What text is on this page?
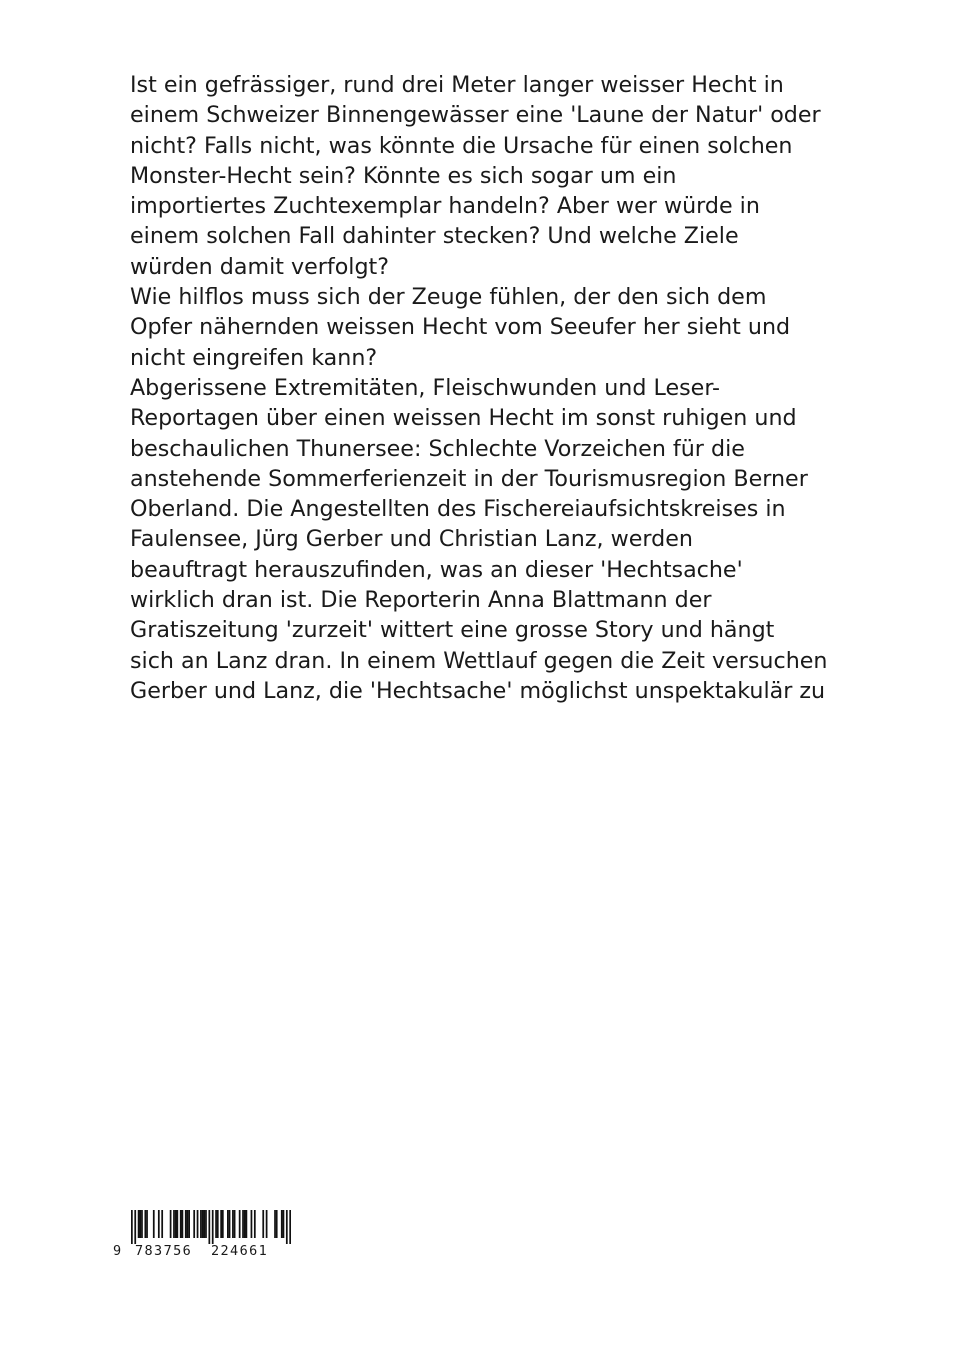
Ist ein gefrässiger, rund drei Meter langer weisser Hecht in
einem Schweizer Binnengewässer eine 'Laune der Natur' oder
nicht? Falls nicht, was könnte die Ursache für einen solchen
Monster-Hecht sein? Könnte es sich sogar um ein
importiertes Zuchtexemplar handeln? Aber wer würde in
einem solchen Fall dahinter stecken? Und welche Ziele
würden damit verfolgt?
Wie hilflos muss sich der Zeuge fühlen, der den sich dem
Opfer nähernden weissen Hecht vom Seeufer her sieht und
nicht eingreifen kann?
Abgerissene Extremitäten, Fleischwunden und Leser-
Reportagen über einen weissen Hecht im sonst ruhigen und
beschaulichen Thunersee: Schlechte Vorzeichen für die
anstehende Sommerferienzeit in der Tourismusregion Berner
Oberland. Die Angestellten des Fischereiaufsichtskreises in
Faulensee, Jürg Gerber und Christian Lanz, werden
beauftragt herauszufinden, was an dieser 'Hechtsache'
wirklich dran ist. Die Reporterin Anna Blattmann der
Gratiszeitung 'zurzeit' wittert eine grosse Story und hängt
sich an Lanz dran. In einem Wettlauf gegen die Zeit versuchen
Gerber und Lanz, die 'Hechtsache' möglichst unspektakulär zu

9

783756

224661
